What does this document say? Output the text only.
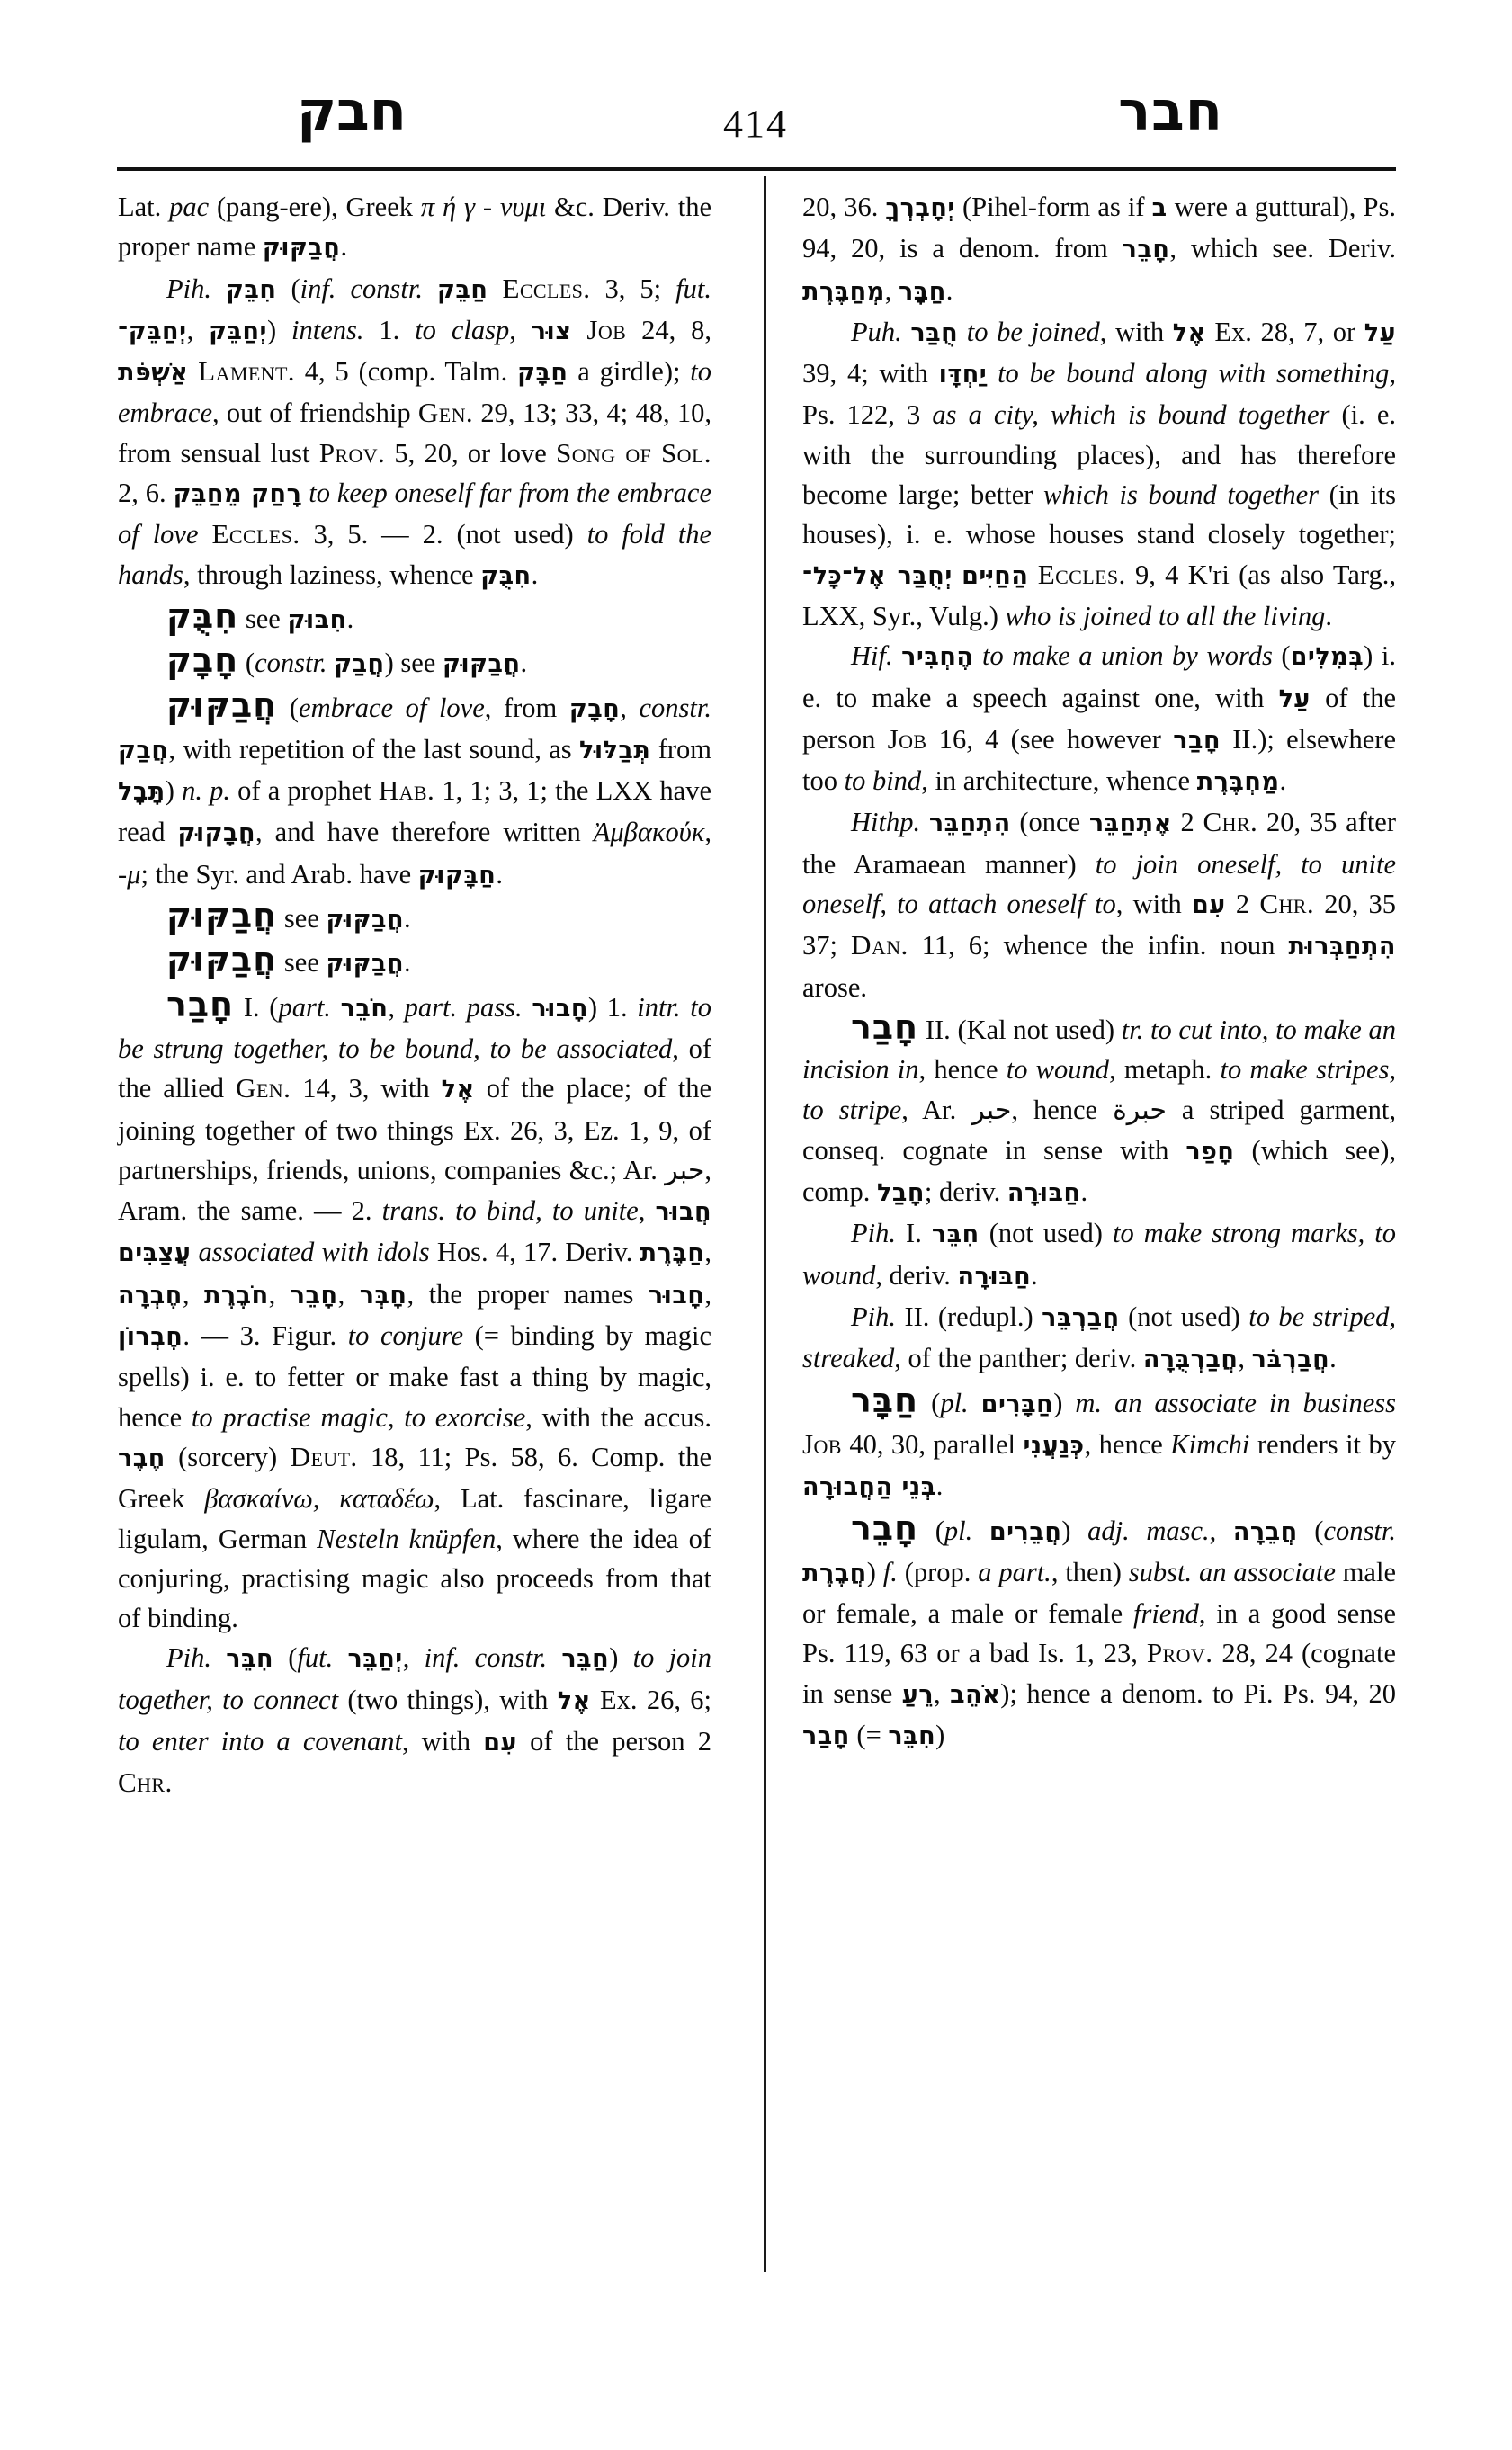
חבק	414	חבר

Lat. pac (pang-ere), Greek π ή γ - νυμι &c. Deriv. the proper name חֲבַקּוּק.

Pih. חִבֵּק (inf. constr. חַבֵּק Eccles. 3, 5; fut. יְחַבֵּק־, יְחַבֵּק) intens. 1. to clasp, צוּר Job 24, 8, אַשְׁפֹּת Lament. 4, 5 (comp. Talm. חַבָּק a girdle); to embrace, out of friendship Gen. 29, 13; 33, 4; 48, 10, from sensual lust Prov. 5, 20, or love Song of Sol. 2, 6. רָחַק מֵחַבֵּק to keep oneself far from the embrace of love Eccles. 3, 5. — 2. (not used) to fold the hands, through laziness, whence חִבֻּק.

חִבֻּק see חִבּוּק.

חָבָק (constr. חֲבַק) see חֲבַקּוּק.

חֲבַקּוּק (embrace of love, from חָבָק, constr. חֲבַק, with repetition of the last sound, as תְּבַלּוּל from תָּבָל) n. p. of a prophet Hab. 1, 1; 3, 1; the LXX have read חֲבָקוּק, and have therefore written Ἀμβακούκ, -μ; the Syr. and Arab. have חַבָּקוּק.

חֲבַקּוּק see חֲבַקּוּק.

חֲבַקּוּק see חֲבַקּוּק.

חָבַר I. (part. חֹבֵר, part. pass. חָבוּר) 1. intr. to be strung together, to be bound, to be associated, of the allied Gen. 14, 3, with אֶל of the place; of the joining together of two things Ex. 26, 3, Ez. 1, 9, of partnerships, friends, unions, companies &c.; Ar. حبر, Aram. the same. — 2. trans. to bind, to unite, חֲבוּר עֲצַבִּים associated with idols Hos. 4, 17. Deriv. חַבֶּרֶת, חֶבְרָה, חֹבֶרֶת, חָבֵר, חָבְּר, the proper names חָבוּר, חֶבְרוֹן. — 3. Figur. to conjure (= binding by magic spells) i. e. to fetter or make fast a thing by magic, hence to practise magic, to exorcise, with the accus. חֶבֶר (sorcery) Deut. 18, 11; Ps. 58, 6. Comp. the Greek βασκαίνω, καταδέω, Lat. fascinare, ligare ligulam, German Nesteln knüpfen, where the idea of conjuring, practising magic also proceeds from that of binding.

Pih. חִבֵּר (fut. יְחַבֵּר, inf. constr. חַבֵּר) to join together, to connect (two things), with אֶל Ex. 26, 6; to enter into a covenant, with עִם of the person 2 Chr.

20, 36. יְחָבְרְךָ (Pihel-form as if ב were a guttural), Ps. 94, 20, is a denom. from חָבֵר, which see. Deriv. מְחַבֶּרֶת, חַבָּר.

Puh. חֻבַּר to be joined, with אֶל Ex. 28, 7, or עַל 39, 4; with יַחְדָּו to be bound along with something, Ps. 122, 3 as a city, which is bound together (i. e. with the surrounding places), and has therefore become large; better which is bound together (in its houses), i. e. whose houses stand closely together; יְחֻבַּר אֶל־כָּל־ הַחַיִּים Eccles. 9, 4 K'ri (as also Targ., LXX, Syr., Vulg.) who is joined to all the living.

Hif. הֶחְבִּיר to make a union by words (בְּמִלִּים) i. e. to make a speech against one, with עַל of the person Job 16, 4 (see however חָבַר II.); elsewhere too to bind, in architecture, whence מַחְבֶּרֶת.

Hithp. הִתְחַבֵּר (once אֶתְחַבֵּר 2 Chr. 20, 35 after the Aramaean manner) to join oneself, to unite oneself, to attach oneself to, with עִם 2 Chr. 20, 35 37; Dan. 11, 6; whence the infin. noun הִתְחַבְּרוּת arose.

חָבַר II. (Kal not used) tr. to cut into, to make an incision in, hence to wound, metaph. to make stripes, to stripe, Ar. حبر, hence حبرة a striped garment, conseq. cognate in sense with חָפַר (which see), comp. חָבַל; deriv. חַבּוּרָה.

Pih. I. חִבֵּר (not used) to make strong marks, to wound, deriv. חַבּוּרָה.

Pih. II. (redupl.) חֲבַרְבֵּר (not used) to be striped, streaked, of the panther; deriv. חֲבַרְבֻּרָה, חֲבַרְבֹּר.

חַבָּר (pl. חַבָּרִים) m. an associate in business Job 40, 30, parallel כְּנַעֲנִי, hence Kimchi renders it by בְּנֵי הַחֲבוּרָה.

חָבֵר (pl. חֲבֵרִים) adj. masc., חֲבֵרָה (constr. חֲבֶרֶת) f. (prop. a part., then) subst. an associate male or female, a male or female friend, in a good sense Ps. 119, 63 or a bad Is. 1, 23, Prov. 28, 24 (cognate in sense רֵעַ, אֹהֵב); hence a denom. to Pi. Ps. 94, 20 חָבַר (= חִבֵּר)
